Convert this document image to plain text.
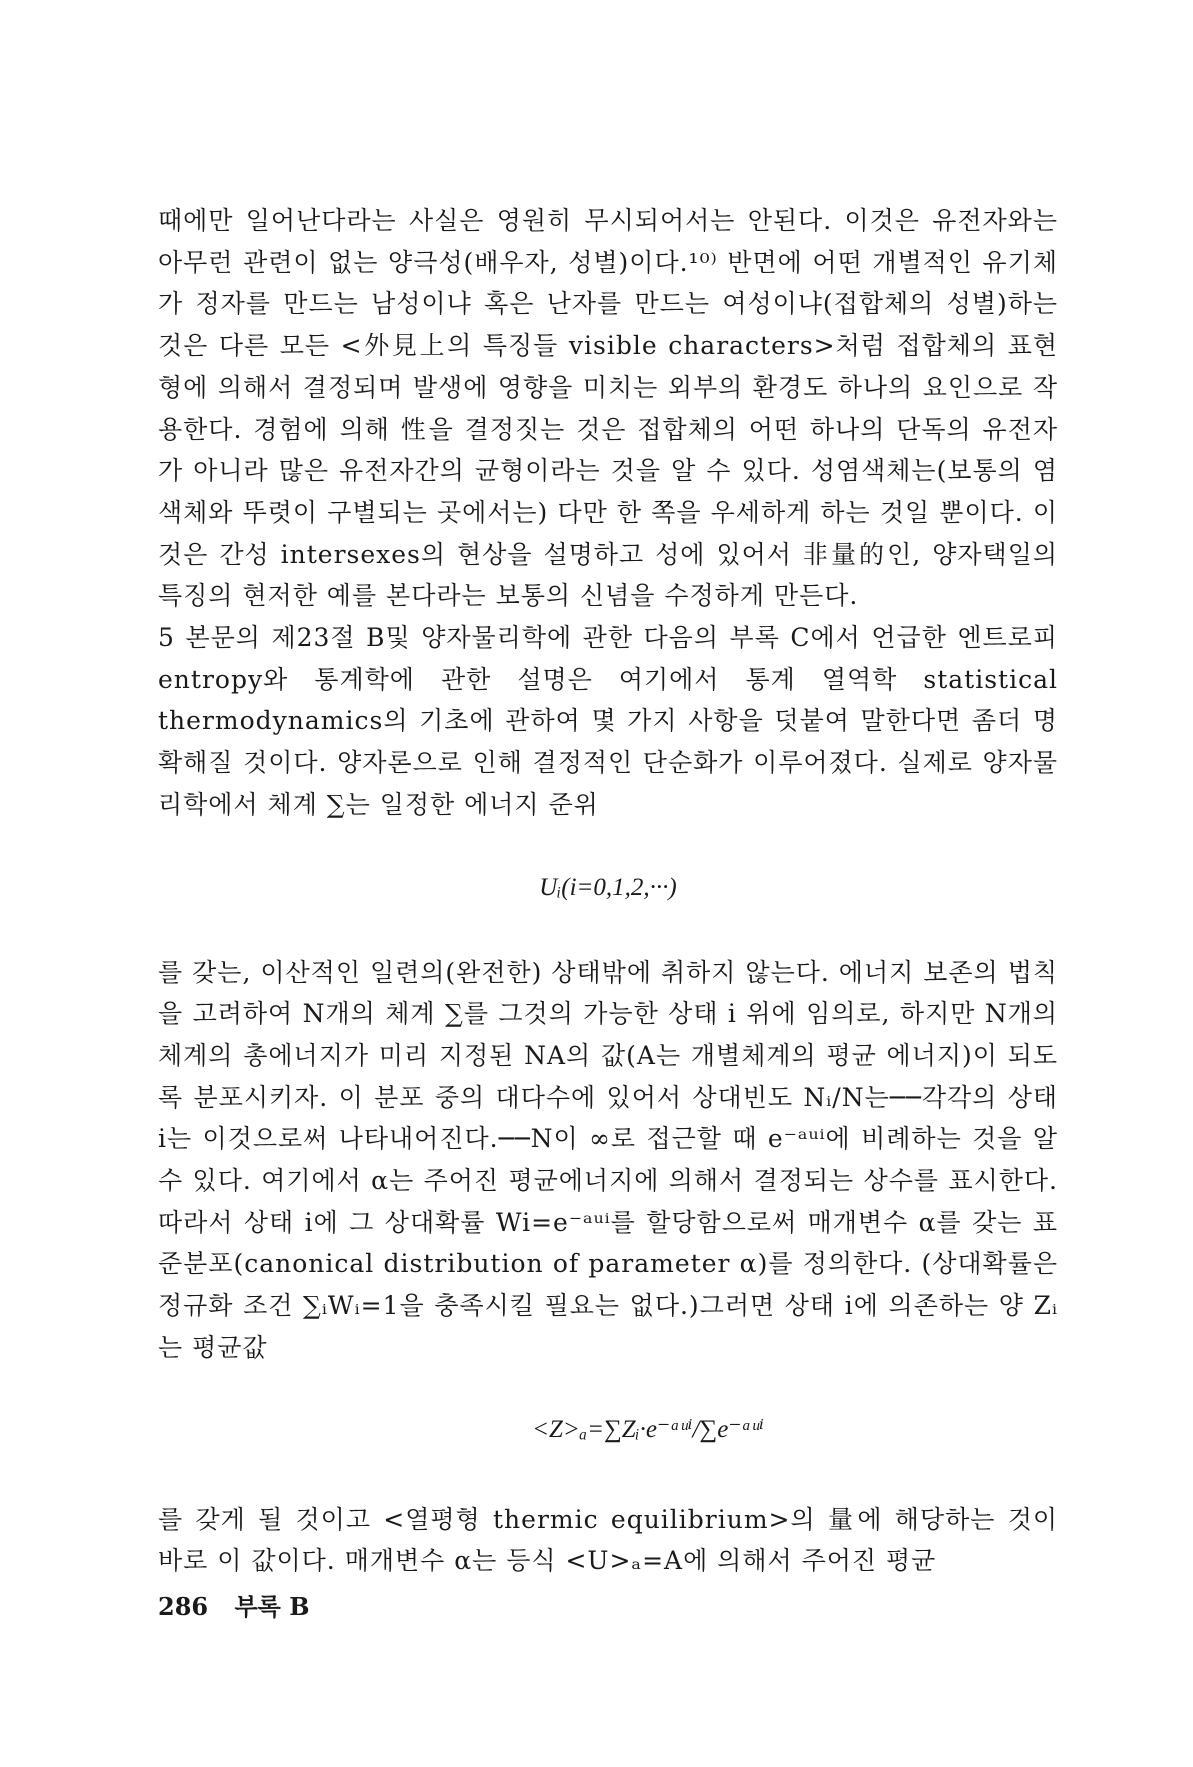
때에만 일어난다라는 사실은 영원히 무시되어서는 안된다. 이것은 유전자와는 아무런 관련이 없는 양극성(배우자, 성별)이다.¹⁰⁾ 반면에 어떤 개별적인 유기체가 정자를 만드는 남성이냐 혹은 난자를 만드는 여성이냐(접합체의 성별)하는 것은 다른 모든 <外見上의 특징들 visible characters>처럼 접합체의 표현형에 의해서 결정되며 발생에 영향을 미치는 외부의 환경도 하나의 요인으로 작용한다. 경험에 의해 性을 결정짓는 것은 접합체의 어떤 하나의 단독의 유전자가 아니라 많은 유전자간의 균형이라는 것을 알 수 있다. 성염색체는(보통의 염색체와 뚜렷이 구별되는 곳에서는) 다만 한 쪽을 우세하게 하는 것일 뿐이다. 이것은 간성 intersexes의 현상을 설명하고 성에 있어서 非量的인, 양자택일의 특징의 현저한 예를 본다라는 보통의 신념을 수정하게 만든다.

5 본문의 제23절 B및 양자물리학에 관한 다음의 부록 C에서 언급한 엔트로피 entropy와 통계학에 관한 설명은 여기에서 통계 열역학 statistical thermodynamics의 기초에 관하여 몇 가지 사항을 덧붙여 말한다면 좀더 명확해질 것이다. 양자론으로 인해 결정적인 단순화가 이루어졌다. 실제로 양자물리학에서 체계 ∑는 일정한 에너지 준위

Uᵢ(i=0,1,2,···)

를 갖는, 이산적인 일련의(완전한) 상태밖에 취하지 않는다. 에너지 보존의 법칙을 고려하여 N개의 체계 ∑를 그것의 가능한 상태 i 위에 임의로, 하지만 N개의 체계의 총에너지가 미리 지정된 NA의 값(A는 개별체계의 평균 에너지)이 되도록 분포시키자. 이 분포 중의 대다수에 있어서 상대빈도 Nᵢ/N는──각각의 상태 i는 이것으로써 나타내어진다.──N이 ∞로 접근할 때 e⁻ᵃᵘⁱ에 비례하는 것을 알 수 있다. 여기에서 α는 주어진 평균에너지에 의해서 결정되는 상수를 표시한다. 따라서 상태 i에 그 상대확률 Wi=e⁻ᵃᵘⁱ를 할당함으로써 매개변수 α를 갖는 표준분포(canonical distribution of parameter α)를 정의한다. (상대확률은 정규화 조건 ∑ᵢWᵢ=1을 충족시킬 필요는 없다.)그러면 상태 i에 의존하는 양 Zᵢ는 평균값

<Z>ₐ=∑Zᵢ·e⁻ᵃᵘⁱ/∑e⁻ᵃᵘⁱ

를 갖게 될 것이고 <열평형 thermic equilibrium>의 量에 해당하는 것이 바로 이 값이다. 매개변수 α는 등식 <U>ₐ=A에 의해서 주어진 평균

286 부록 B
